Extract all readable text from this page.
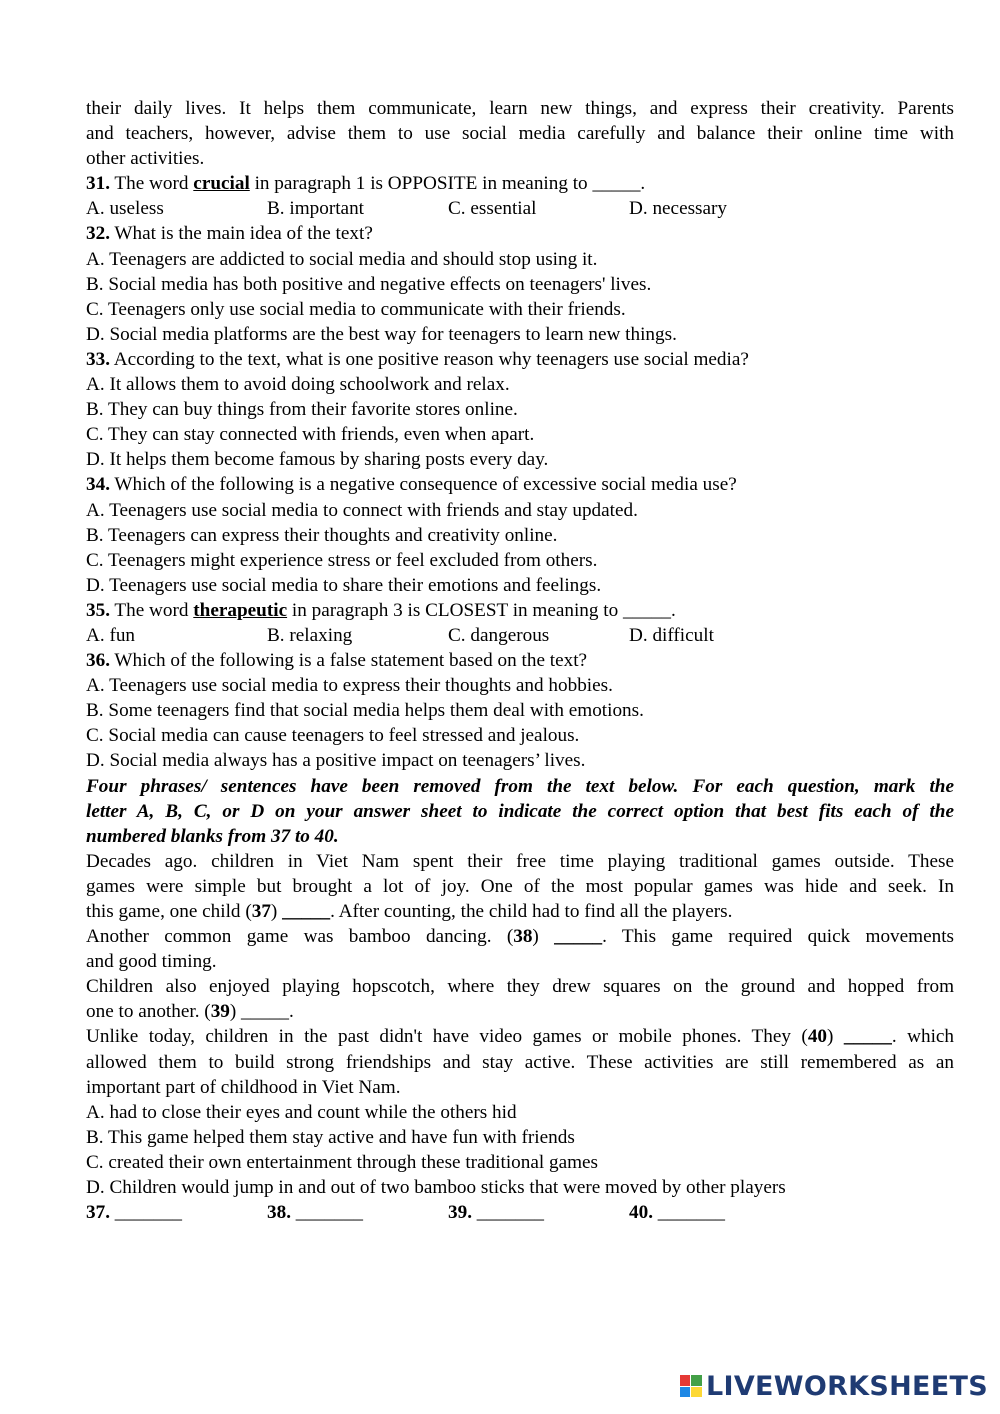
their daily lives. It helps them communicate, learn new things, and express their creativity. Parents
and teachers, however, advise them to use social media carefully and balance their online time with
other activities.
31. The word crucial in paragraph 1 is OPPOSITE in meaning to _____.
A. useless	B. important	C. essential	D. necessary
32. What is the main idea of the text?
A. Teenagers are addicted to social media and should stop using it.
B. Social media has both positive and negative effects on teenagers' lives.
C. Teenagers only use social media to communicate with their friends.
D. Social media platforms are the best way for teenagers to learn new things.
33. According to the text, what is one positive reason why teenagers use social media?
A. It allows them to avoid doing schoolwork and relax.
B. They can buy things from their favorite stores online.
C. They can stay connected with friends, even when apart.
D. It helps them become famous by sharing posts every day.
34. Which of the following is a negative consequence of excessive social media use?
A. Teenagers use social media to connect with friends and stay updated.
B. Teenagers can express their thoughts and creativity online.
C. Teenagers might experience stress or feel excluded from others.
D. Teenagers use social media to share their emotions and feelings.
35. The word therapeutic in paragraph 3 is CLOSEST in meaning to _____.
A. fun	B. relaxing	C. dangerous	D. difficult
36. Which of the following is a false statement based on the text?
A. Teenagers use social media to express their thoughts and hobbies.
B. Some teenagers find that social media helps them deal with emotions.
C. Social media can cause teenagers to feel stressed and jealous.
D. Social media always has a positive impact on teenagers’ lives.
Four phrases/ sentences have been removed from the text below. For each question, mark the
letter A, B, C, or D on your answer sheet to indicate the correct option that best fits each of the
numbered blanks from 37 to 40.
Decades ago. children in Viet Nam spent their free time playing traditional games outside. These
games were simple but brought a lot of joy. One of the most popular games was hide and seek. In
this game, one child (37) _____. After counting, the child had to find all the players.
Another common game was bamboo dancing. (38) _____. This game required quick movements
and good timing.
Children also enjoyed playing hopscotch, where they drew squares on the ground and hopped from
one to another. (39) _____.
Unlike today, children in the past didn't have video games or mobile phones. They (40) _____. which
allowed them to build strong friendships and stay active. These activities are still remembered as an
important part of childhood in Viet Nam.
A. had to close their eyes and count while the others hid
B. This game helped them stay active and have fun with friends
C. created their own entertainment through these traditional games
D. Children would jump in and out of two bamboo sticks that were moved by other players
37. _______	38. _______	39. _______	40. _______
LIVEWORKSHEETS
